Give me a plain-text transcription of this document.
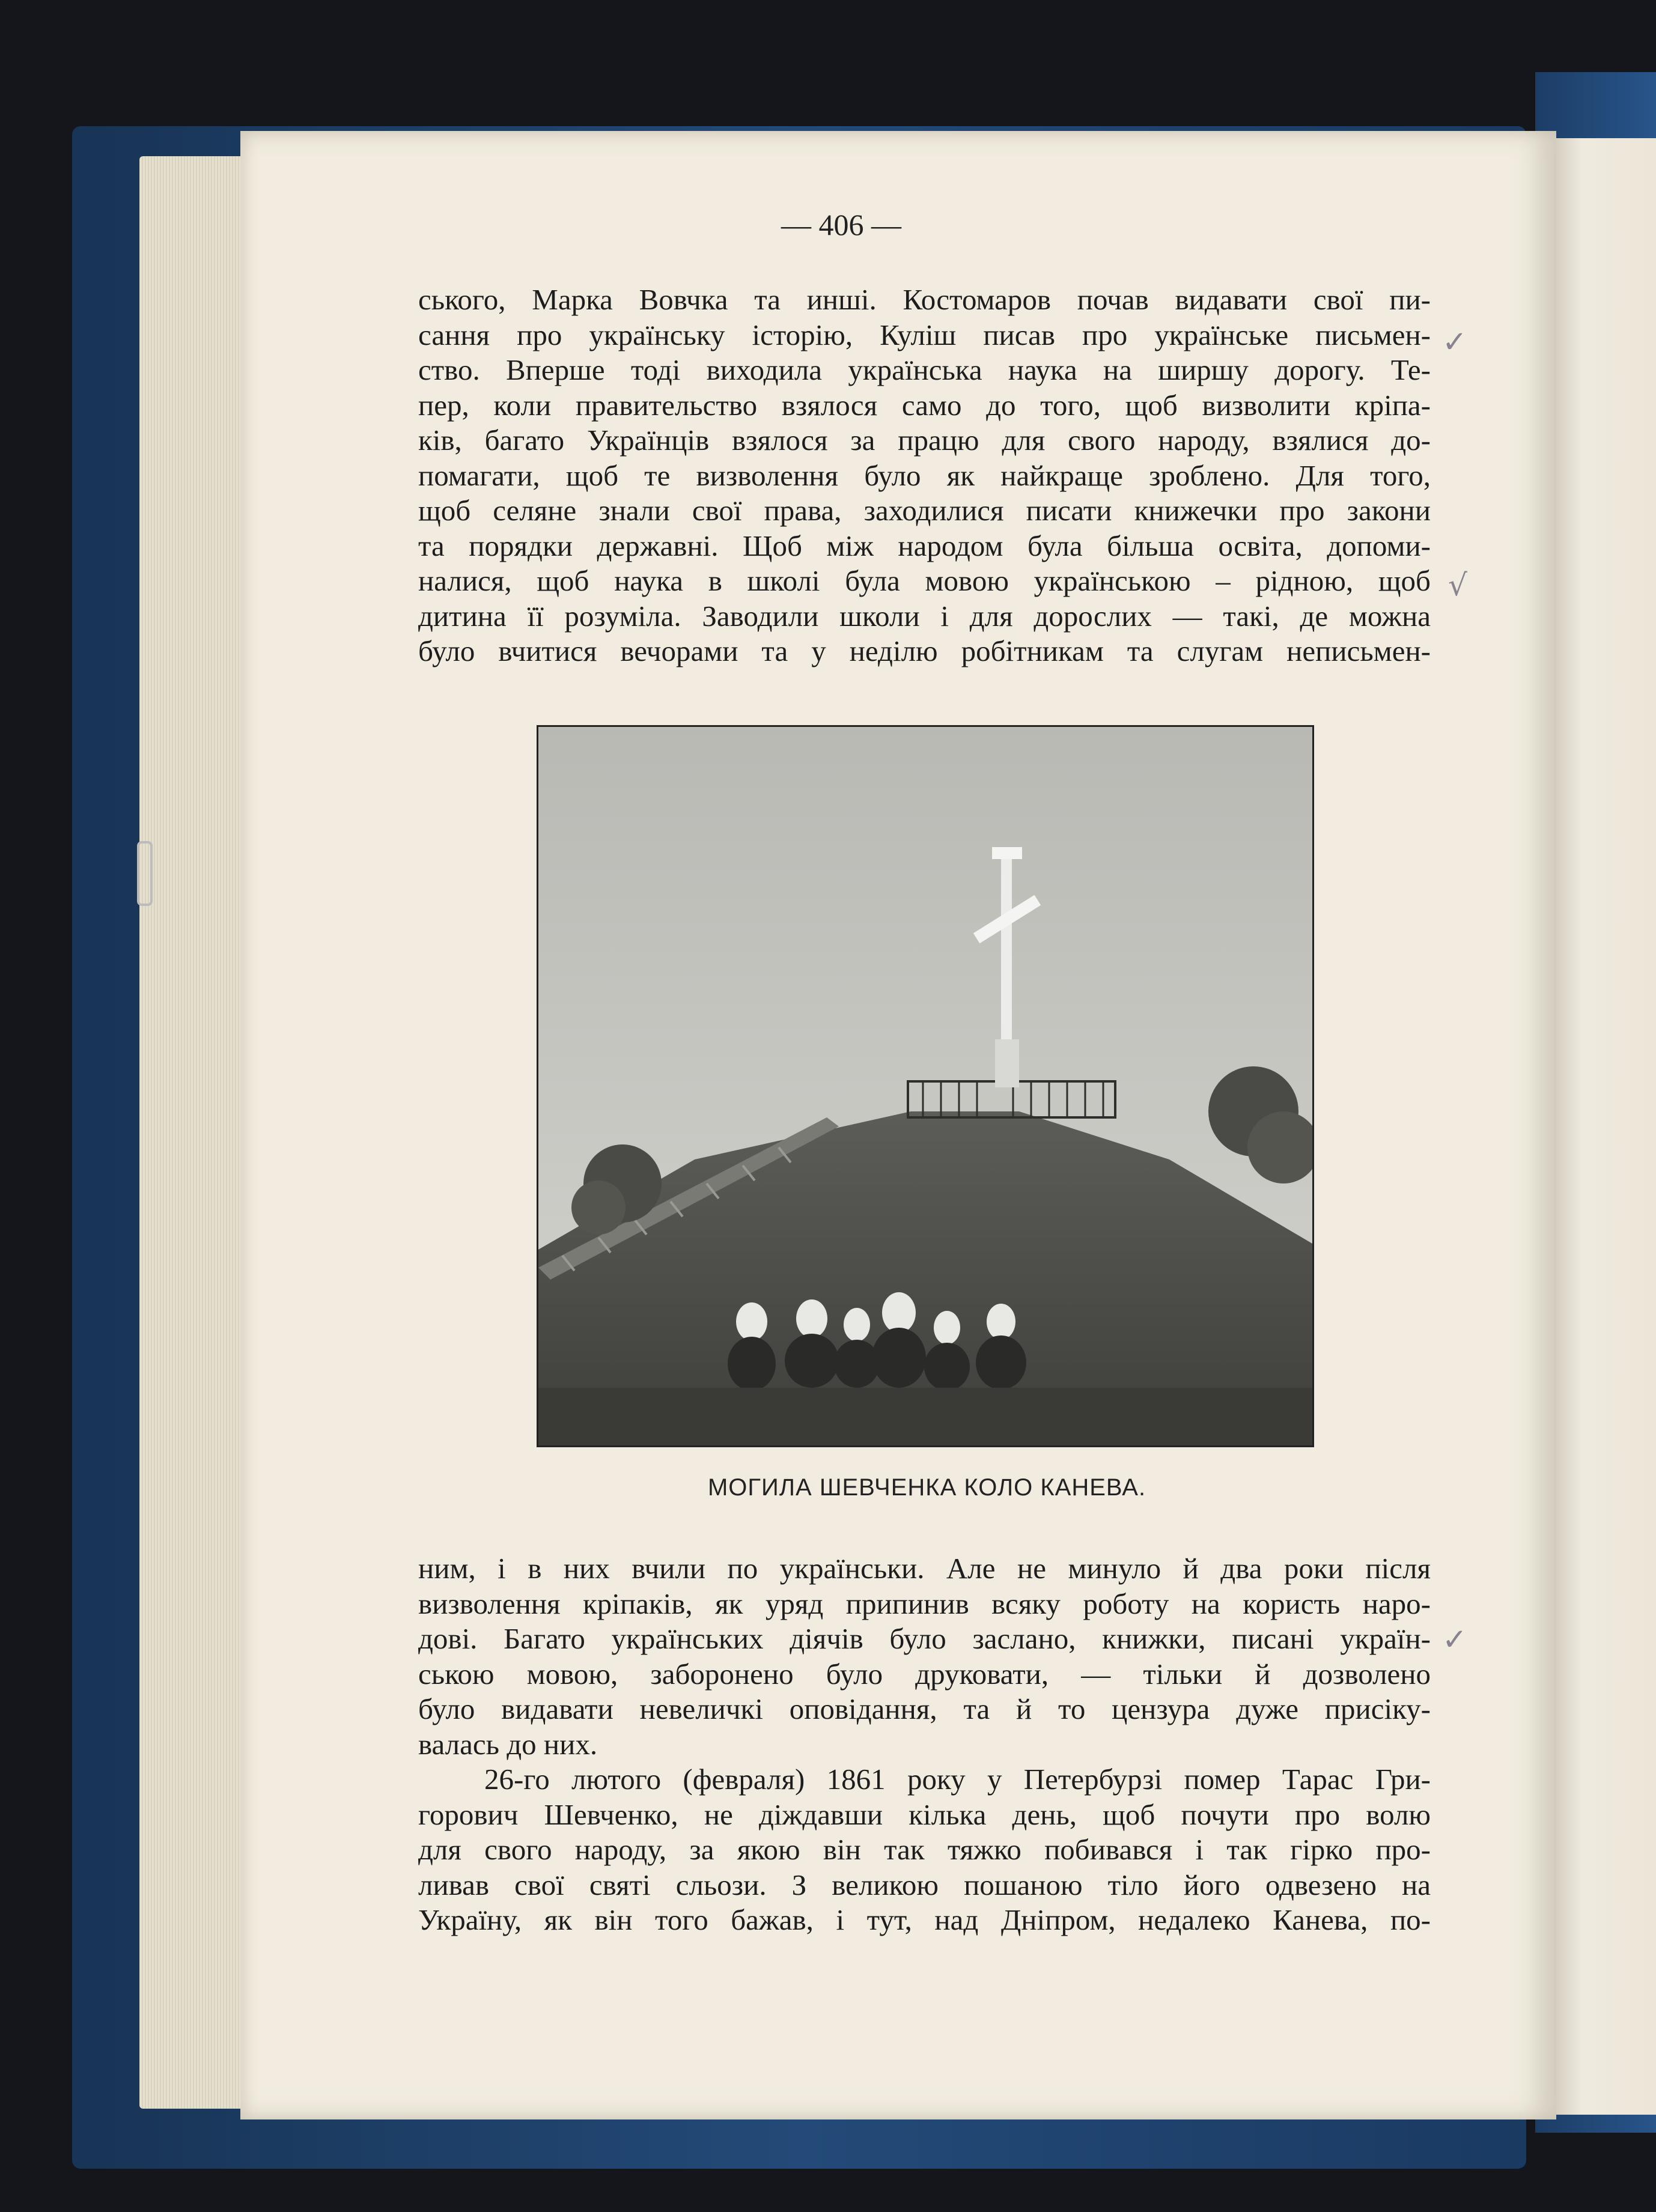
— 406 —
ського, Марка Вовчка та инші. Костомаров почав видавати свої пи-
сання про українську історію, Куліш писав про українське письмен-
ство. Вперше тоді виходила українська наука на ширшу дорогу. Те-
пер, коли правительство взялося само до того, щоб визволити кріпа-
ків, багато Українців взялося за працю для свого народу, взялися до-
помагати, щоб те визволення було як найкраще зроблено. Для того,
щоб селяне знали свої права, заходилися писати книжечки про закони
та порядки державні. Щоб між народом була більша освіта, допоми-
налися, щоб наука в школі була мовою українською – рідною, щоб
дитина її розуміла. Заводили школи і для дорослих — такі, де можна
було вчитися вечорами та у неділю робітникам та слугам неписьмен-
МОГИЛА ШЕВЧЕНКА КОЛО КАНЕВА.
ним, і в них вчили по українськи. Але не минуло й два роки після
визволення кріпаків, як уряд припинив всяку роботу на користь наро-
дові. Багато українських діячів було заслано, книжки, писані україн-
ською мовою, заборонено було друковати, — тільки й дозволено
було видавати невеличкі оповідання, та й то цензура дуже присіку-
валась до них.
26-го лютого (февраля) 1861 року у Петербурзі помер Тарас Гри-
горович Шевченко, не діждавши кілька день, щоб почути про волю
для свого народу, за якою він так тяжко побивався і так гірко про-
ливав свої святі сльози. З великою пошаною тіло його одвезено на
Україну, як він того бажав, і тут, над Дніпром, недалеко Канева, по-
✓
√
✓
